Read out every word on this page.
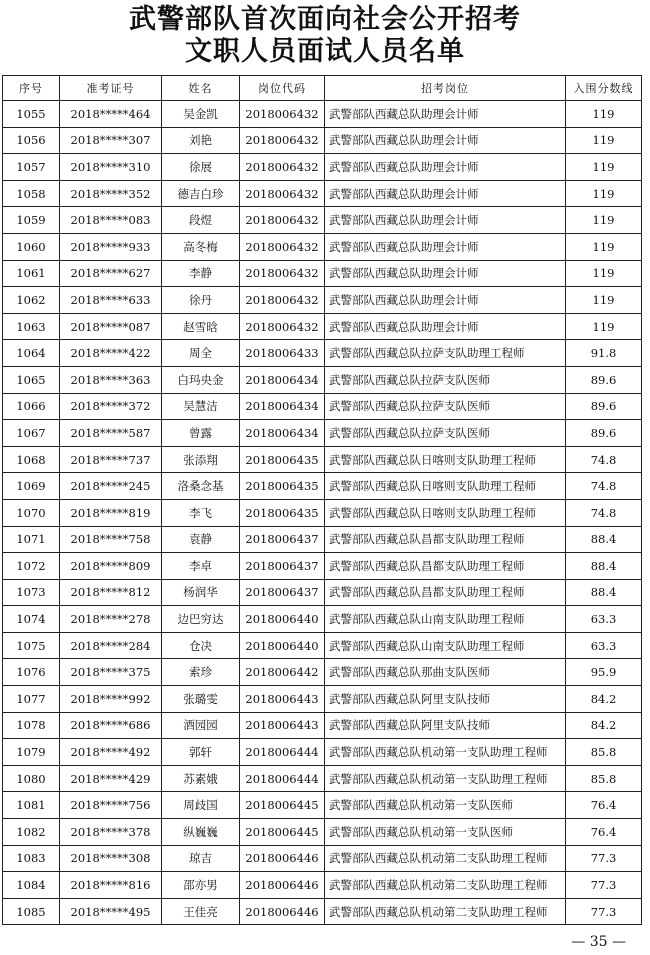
武警部队首次面向社会公开招考
文职人员面试人员名单
序号	准考证号	姓名	岗位代码	招考岗位	入围分数线
1055	2018*****464	吴金凯	2018006432	武警部队西藏总队助理会计师	119
1056	2018*****307	刘艳	2018006432	武警部队西藏总队助理会计师	119
1057	2018*****310	徐展	2018006432	武警部队西藏总队助理会计师	119
1058	2018*****352	德吉白珍	2018006432	武警部队西藏总队助理会计师	119
1059	2018*****083	段煜	2018006432	武警部队西藏总队助理会计师	119
1060	2018*****933	高冬梅	2018006432	武警部队西藏总队助理会计师	119
1061	2018*****627	李静	2018006432	武警部队西藏总队助理会计师	119
1062	2018*****633	徐丹	2018006432	武警部队西藏总队助理会计师	119
1063	2018*****087	赵雪晗	2018006432	武警部队西藏总队助理会计师	119
1064	2018*****422	周全	2018006433	武警部队西藏总队拉萨支队助理工程师	91.8
1065	2018*****363	白玛央金	2018006434	武警部队西藏总队拉萨支队医师	89.6
1066	2018*****372	吴慧洁	2018006434	武警部队西藏总队拉萨支队医师	89.6
1067	2018*****587	曾露	2018006434	武警部队西藏总队拉萨支队医师	89.6
1068	2018*****737	张添翔	2018006435	武警部队西藏总队日喀则支队助理工程师	74.8
1069	2018*****245	洛桑念基	2018006435	武警部队西藏总队日喀则支队助理工程师	74.8
1070	2018*****819	李飞	2018006435	武警部队西藏总队日喀则支队助理工程师	74.8
1071	2018*****758	袁静	2018006437	武警部队西藏总队昌都支队助理工程师	88.4
1072	2018*****809	李卓	2018006437	武警部队西藏总队昌都支队助理工程师	88.4
1073	2018*****812	杨润华	2018006437	武警部队西藏总队昌都支队助理工程师	88.4
1074	2018*****278	边巴穷达	2018006440	武警部队西藏总队山南支队助理工程师	63.3
1075	2018*****284	仓决	2018006440	武警部队西藏总队山南支队助理工程师	63.3
1076	2018*****375	索珍	2018006442	武警部队西藏总队那曲支队医师	95.9
1077	2018*****992	张璐雯	2018006443	武警部队西藏总队阿里支队技师	84.2
1078	2018*****686	酒园园	2018006443	武警部队西藏总队阿里支队技师	84.2
1079	2018*****492	郭轩	2018006444	武警部队西藏总队机动第一支队助理工程师	85.8
1080	2018*****429	苏素娥	2018006444	武警部队西藏总队机动第一支队助理工程师	85.8
1081	2018*****756	周歧国	2018006445	武警部队西藏总队机动第一支队医师	76.4
1082	2018*****378	纵巍巍	2018006445	武警部队西藏总队机动第一支队医师	76.4
1083	2018*****308	琼吉	2018006446	武警部队西藏总队机动第二支队助理工程师	77.3
1084	2018*****816	邵亦男	2018006446	武警部队西藏总队机动第二支队助理工程师	77.3
1085	2018*****495	王佳亮	2018006446	武警部队西藏总队机动第二支队助理工程师	77.3
— 35 —
